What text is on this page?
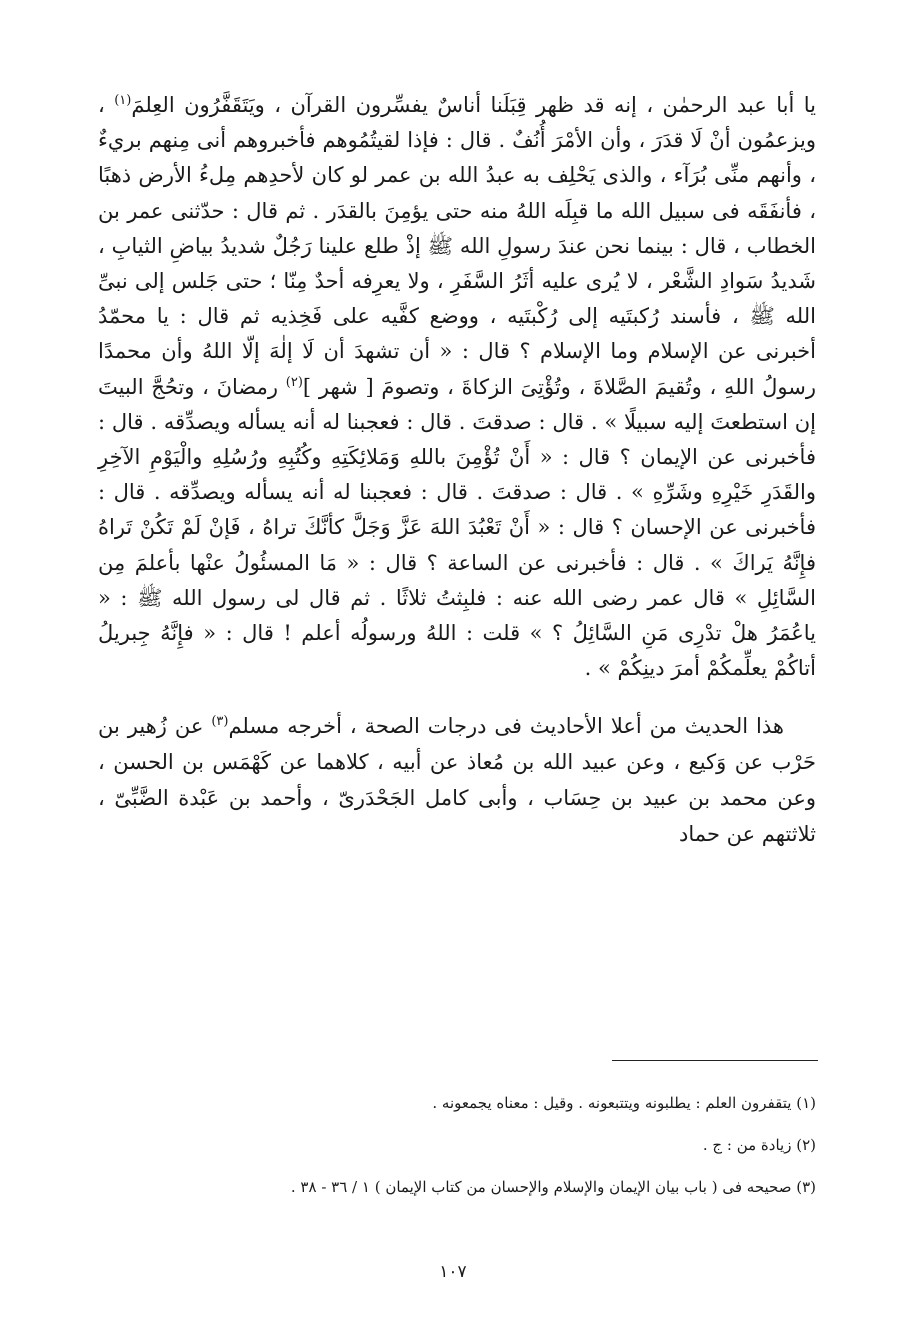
يا أبا عبد الرحمٰن ، إنه قد ظهر قِبَلَنا أناسٌ يفسِّرون القرآن ، ويَتَقَفَّرُون العِلمَ$^{(١)}$ ، ويزعمُون أنْ لَا قدَرَ ، وأن الأمْرَ أُنُفٌ . قال : فإذا لقيتُمُوهم فأخبروهم أنى مِنهم بريءٌ ، وأنهم منِّى بُرَآء ، والذى يَحْلِف به عبدُ الله بن عمر لو كان لأحدِهم مِلءُ الأرض ذهبًا ، فأنفَقَه فى سبيل الله ما قبِلَه اللهُ منه حتى يؤمِنَ بالقدَر . ثم قال : حدّثنى عمر بن الخطاب ، قال : بينما نحن عندَ رسولِ الله ﷺ إذْ طلع علينا رَجُلٌ شديدُ بياضِ الثيابِ ، شَديدُ سَوادِ الشَّعْر ، لا يُرى عليه أثَرُ السَّفَرِ ، ولا يعرِفه أحدٌ مِنّا ؛ حتى جَلس إلى نبىِّ الله ﷺ ، فأسند رُكبتَيه إلى رُكْبتَيه ، ووضع كفَّيه على فَخِذيه ثم قال : يا محمّدُ أخبرنى عن الإسلام وما الإسلام ؟ قال : « أن تشهدَ أن لَا إلٰهَ إلّا اللهُ وأن محمدًا رسولُ اللهِ ، وتُقيمَ الصَّلاةَ ، وتُؤْتِىَ الزكاةَ ، وتصومَ [ شهر ]$^{(٢)}$ رمضانَ ، وتحُجَّ البيتَ إن استطعتَ إليه سبيلًا » . قال : صدقتَ . قال : فعجبنا له أنه يسأله ويصدِّقه . قال : فأخبرنى عن الإيمان ؟ قال : « أَنْ تُؤْمِنَ باللهِ وَمَلائِكَتِهِ وكُتُبِهِ ورُسُلِهِ والْيَوْمِ الآخِرِ والقَدَرِ خَيْرِهِ وشَرِّهِ » . قال : صدقتَ . قال : فعجبنا له أنه يسأله ويصدِّقه . قال : فأخبرنى عن الإحسان ؟ قال : « أَنْ تَعْبُدَ اللهَ عَزَّ وَجَلَّ كأنَّكَ تراهُ ، فَإنْ لَمْ تَكُنْ تَراهُ فإِنَّهُ يَراكَ » . قال : فأخبرنى عن الساعة ؟ قال : « مَا المسئُولُ عنْها بأعلمَ مِن السَّائِلِ » قال عمر رضى الله عنه : فلبِثتُ ثلاثًا . ثم قال لى رسول الله ﷺ : « ياعُمَرُ هلْ تدْرِى مَنِ السَّائِلُ ؟ » قلت : اللهُ ورسولُه أعلم ! قال : « فإِنَّهُ جِبريلُ أتاكُمْ يعلِّمكُمْ أمرَ دينِكُمْ » .

هذا الحديث من أعلا الأحاديث فى درجات الصحة ، أخرجه مسلم$^{(٣)}$ عن زُهير بن حَرْب عن وَكيع ، وعن عبيد الله بن مُعاذ عن أبيه ، كلاهما عن كَهْمَس بن الحسن ، وعن محمد بن عبيد بن حِسَاب ، وأبى كامل الجَحْدَرىّ ، وأحمد بن عَبْدة الضَّبِّىّ ، ثلاثتهم عن حماد

(١) يتقفرون العلم : يطلبونه ويتتبعونه . وقيل : معناه يجمعونه .

(٢) زيادة من : ج .

(٣) صحيحه فى ( باب بيان الإيمان والإسلام والإحسان من كتاب الإيمان ) ١ / ٣٦ - ٣٨ .

١٠٧
